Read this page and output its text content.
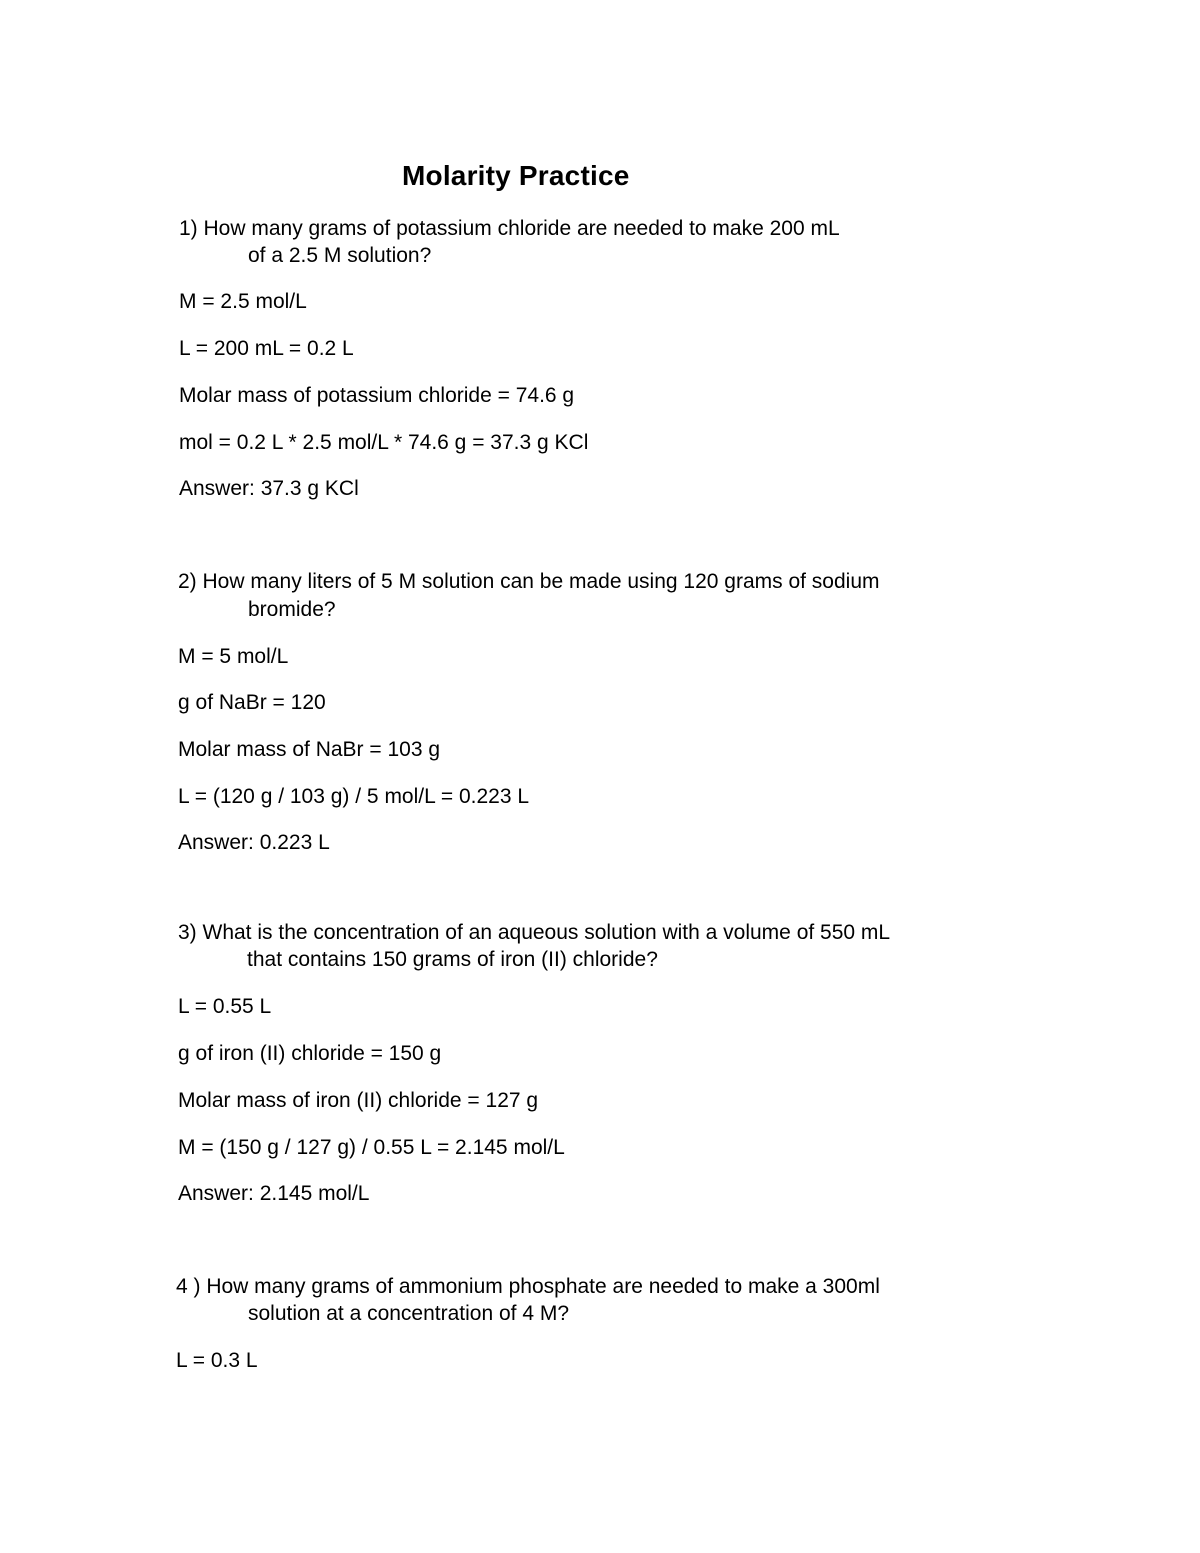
Molarity Practice
1) How many grams of potassium chloride are needed to make 200 mL
of a 2.5 M solution?
M = 2.5 mol/L
L = 200 mL = 0.2 L
Molar mass of potassium chloride = 74.6 g
mol = 0.2 L * 2.5 mol/L * 74.6 g = 37.3 g KCl
Answer: 37.3 g KCl
2) How many liters of 5 M solution can be made using 120 grams of sodium
bromide?
M = 5 mol/L
g of NaBr = 120
Molar mass of NaBr = 103 g
L = (120 g / 103 g) / 5 mol/L = 0.223 L
Answer: 0.223 L
3) What is the concentration of an aqueous solution with a volume of 550 mL
that contains 150 grams of iron (II) chloride?
L = 0.55 L
g of iron (II) chloride = 150 g
Molar mass of iron (II) chloride = 127 g
M = (150 g / 127 g) / 0.55 L = 2.145 mol/L
Answer: 2.145 mol/L
4 ) How many grams of ammonium phosphate are needed to make a 300ml
solution at a concentration of 4 M?
L = 0.3 L
